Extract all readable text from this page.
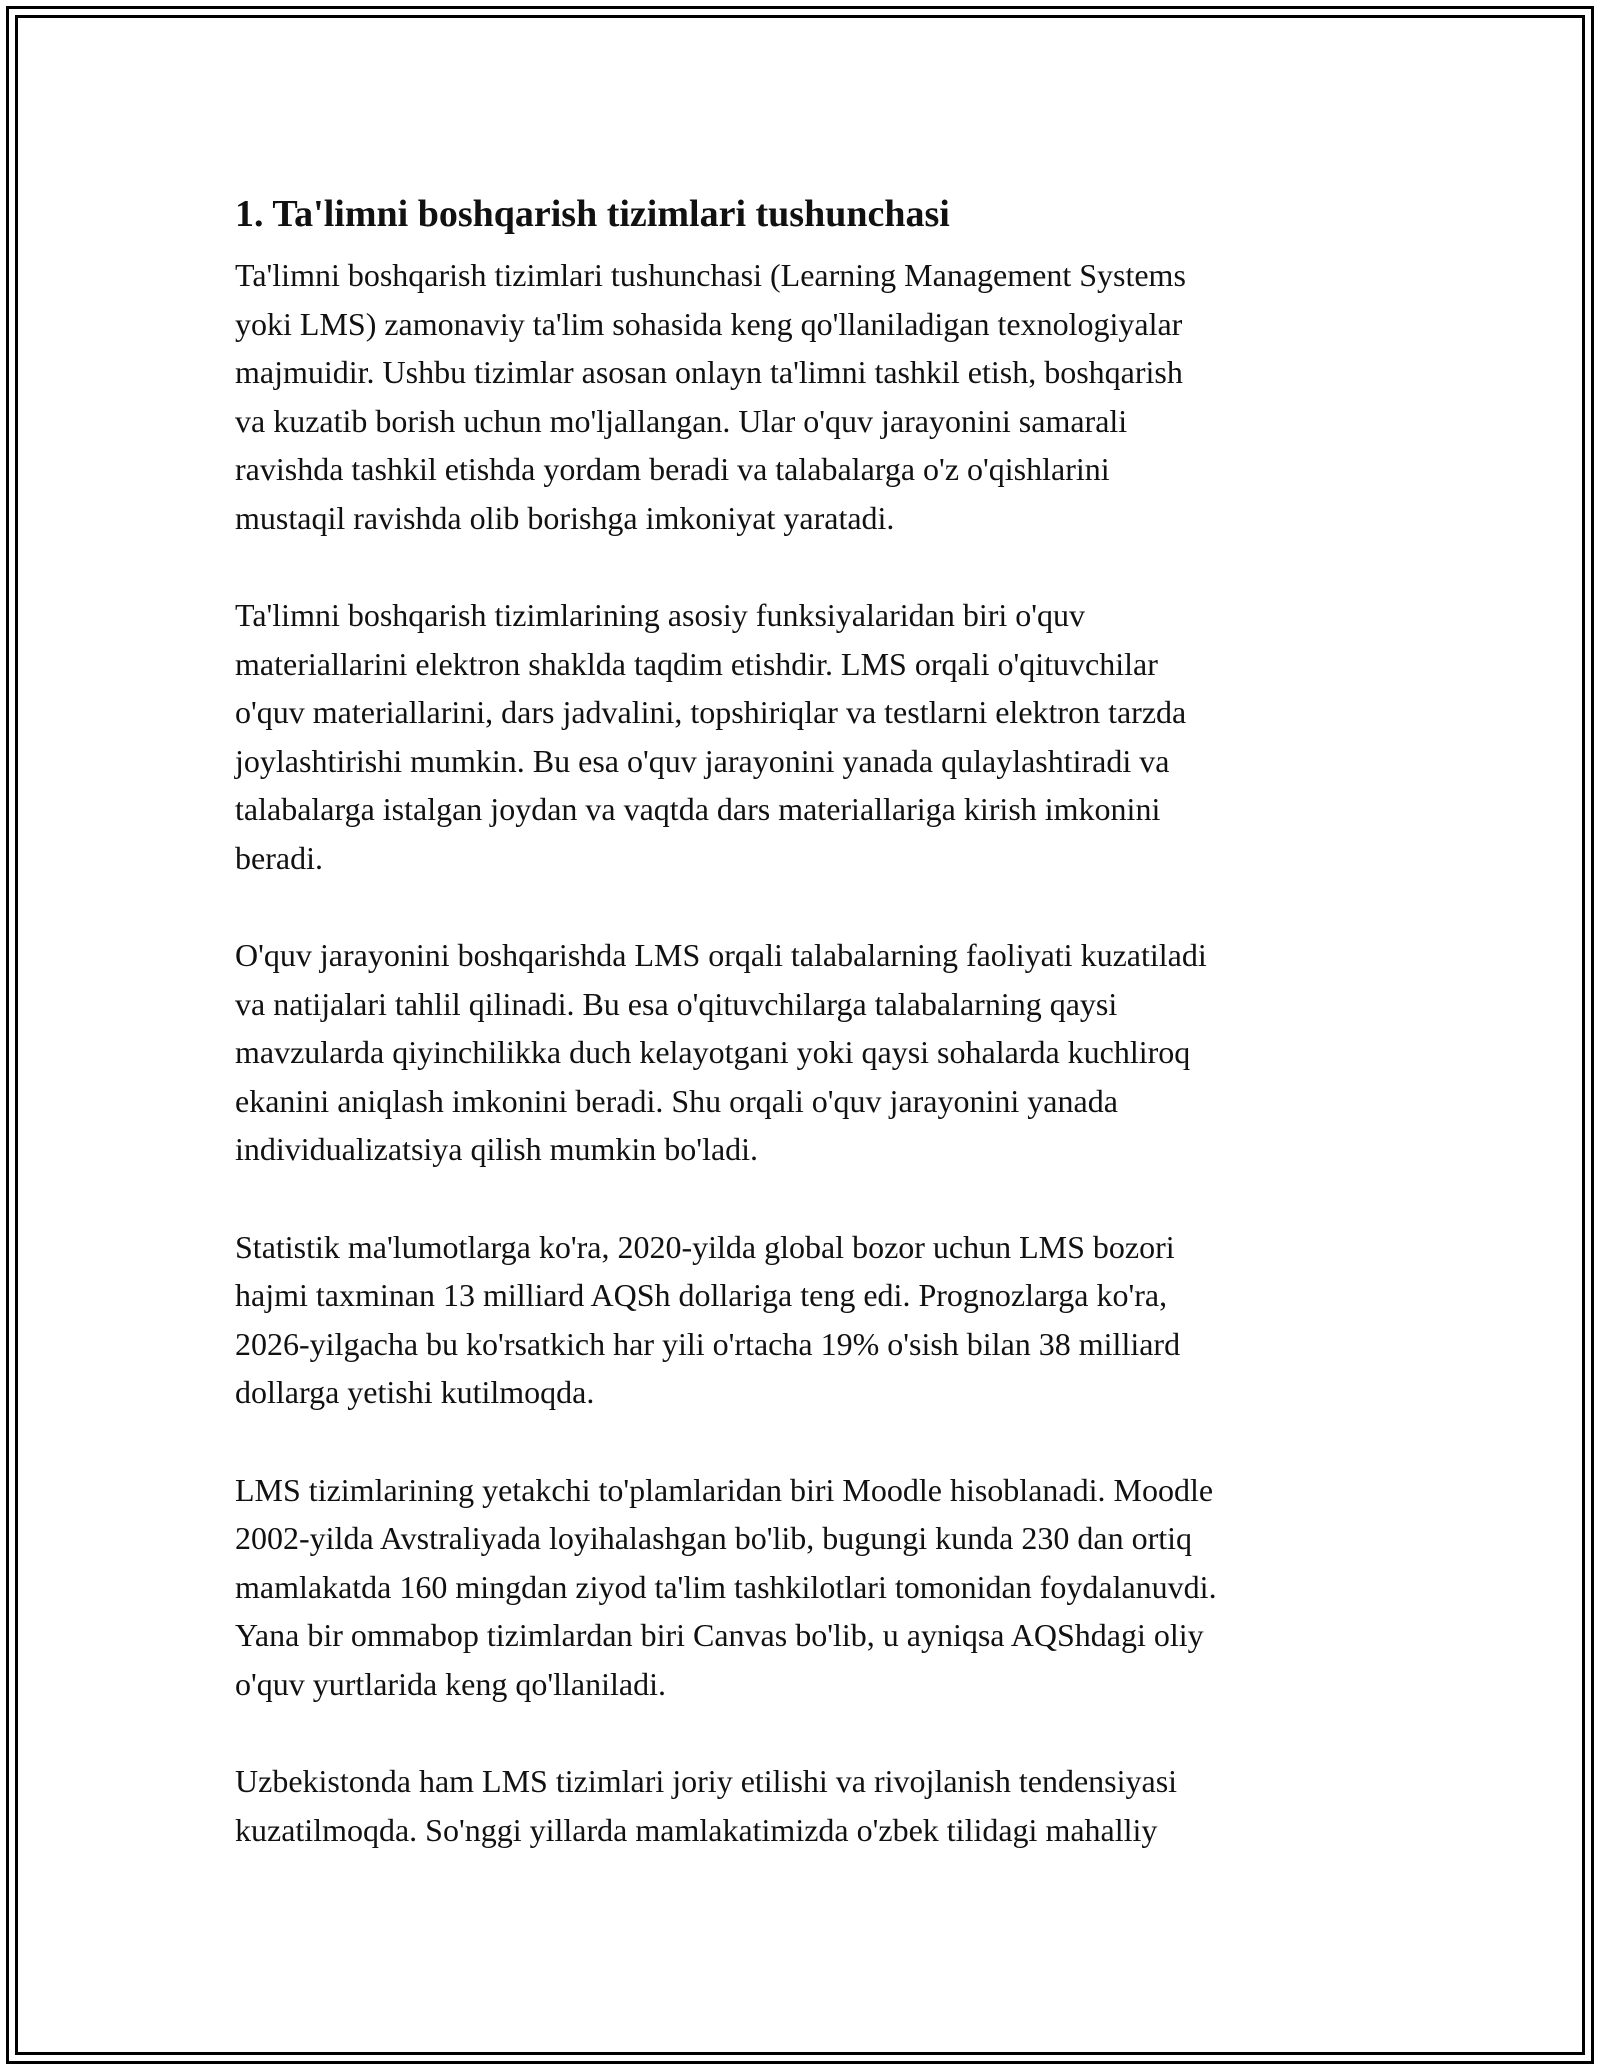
1. Ta'limni boshqarish tizimlari tushunchasi

Ta'limni boshqarish tizimlari tushunchasi (Learning Management Systems
yoki LMS) zamonaviy ta'lim sohasida keng qo'llaniladigan texnologiyalar
majmuidir. Ushbu tizimlar asosan onlayn ta'limni tashkil etish, boshqarish
va kuzatib borish uchun mo'ljallangan. Ular o'quv jarayonini samarali
ravishda tashkil etishda yordam beradi va talabalarga o'z o'qishlarini
mustaqil ravishda olib borishga imkoniyat yaratadi.

Ta'limni boshqarish tizimlarining asosiy funksiyalaridan biri o'quv
materiallarini elektron shaklda taqdim etishdir. LMS orqali o'qituvchilar
o'quv materiallarini, dars jadvalini, topshiriqlar va testlarni elektron tarzda
joylashtirishi mumkin. Bu esa o'quv jarayonini yanada qulaylashtiradi va
talabalarga istalgan joydan va vaqtda dars materiallariga kirish imkonini
beradi.

O'quv jarayonini boshqarishda LMS orqali talabalarning faoliyati kuzatiladi
va natijalari tahlil qilinadi. Bu esa o'qituvchilarga talabalarning qaysi
mavzularda qiyinchilikka duch kelayotgani yoki qaysi sohalarda kuchliroq
ekanini aniqlash imkonini beradi. Shu orqali o'quv jarayonini yanada
individualizatsiya qilish mumkin bo'ladi.

Statistik ma'lumotlarga ko'ra, 2020-yilda global bozor uchun LMS bozori
hajmi taxminan 13 milliard AQSh dollariga teng edi. Prognozlarga ko'ra,
2026-yilgacha bu ko'rsatkich har yili o'rtacha 19% o'sish bilan 38 milliard
dollarga yetishi kutilmoqda.

LMS tizimlarining yetakchi to'plamlaridan biri Moodle hisoblanadi. Moodle
2002-yilda Avstraliyada loyihalashgan bo'lib, bugungi kunda 230 dan ortiq
mamlakatda 160 mingdan ziyod ta'lim tashkilotlari tomonidan foydalanuvdi.
Yana bir ommabop tizimlardan biri Canvas bo'lib, u ayniqsa AQShdagi oliy
o'quv yurtlarida keng qo'llaniladi.

Uzbekistonda ham LMS tizimlari joriy etilishi va rivojlanish tendensiyasi
kuzatilmoqda. So'nggi yillarda mamlakatimizda o'zbek tilidagi mahalliy
